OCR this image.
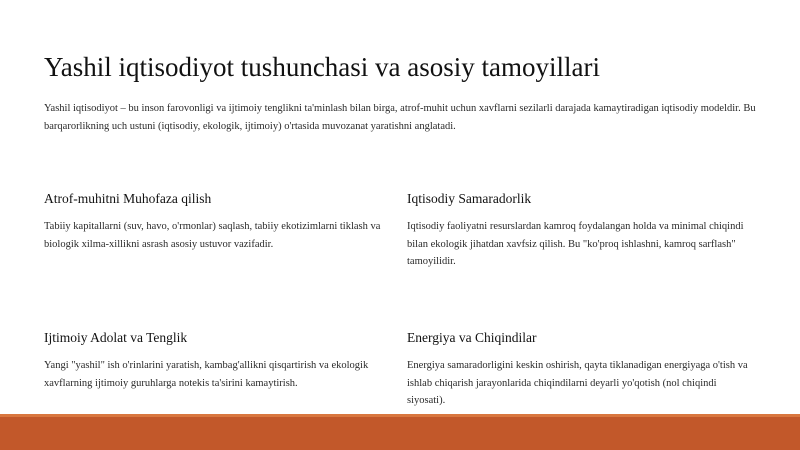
Yashil iqtisodiyot tushunchasi va asosiy tamoyillari

Yashil iqtisodiyot – bu inson farovonligi va ijtimoiy tenglikni ta'minlash bilan birga, atrof-muhit uchun xavflarni sezilarli darajada kamaytiradigan iqtisodiy modeldir. Bu barqarorlikning uch ustuni (iqtisodiy, ekologik, ijtimoiy) o'rtasida muvozanat yaratishni anglatadi.

Atrof-muhitni Muhofaza qilish

Tabiiy kapitallarni (suv, havo, o'rmonlar) saqlash, tabiiy ekotizimlarni tiklash va biologik xilma-xillikni asrash asosiy ustuvor vazifadir.

Iqtisodiy Samaradorlik

Iqtisodiy faoliyatni resurslardan kamroq foydalangan holda va minimal chiqindi bilan ekologik jihatdan xavfsiz qilish. Bu "ko'proq ishlashni, kamroq sarflash" tamoyilidir.

Ijtimoiy Adolat va Tenglik

Yangi "yashil" ish o'rinlarini yaratish, kambag'allikni qisqartirish va ekologik xavflarning ijtimoiy guruhlarga notekis ta'sirini kamaytirish.

Energiya va Chiqindilar

Energiya samaradorligini keskin oshirish, qayta tiklanadigan energiyaga o'tish va ishlab chiqarish jarayonlarida chiqindilarni deyarli yo'qotish (nol chiqindi siyosati).
